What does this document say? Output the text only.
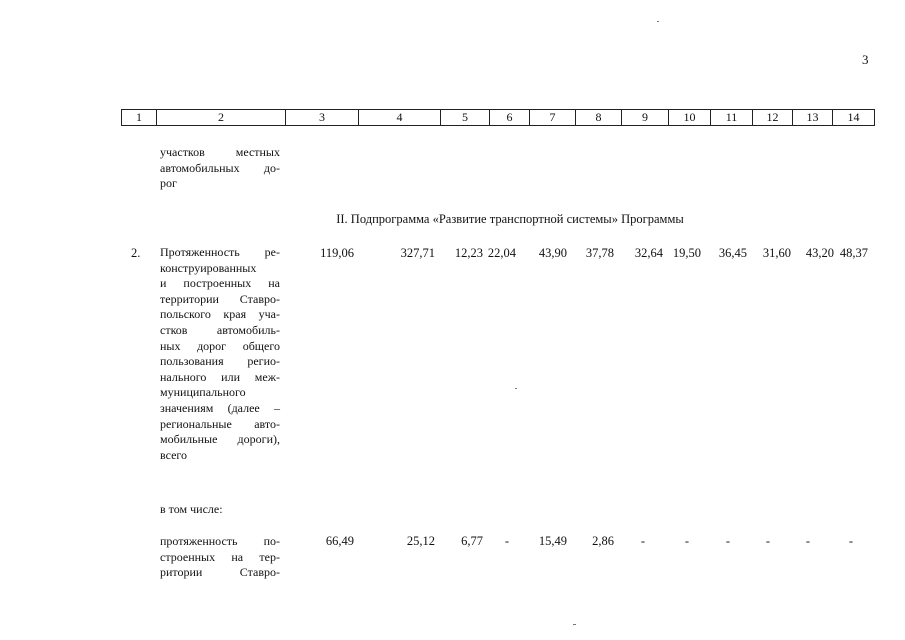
3
1	2	3	4	5	6	7	8	9	10	11	12	13	14
участков местных
автомобильных до-
рог
II. Подпрограмма «Развитие транспортной системы» Программы
2. Протяженность ре-
конструированных
и построенных на
территории Ставро-
польского края уча-
стков автомобиль-
ных дорог общего
пользования регио-
нального или меж-
муниципального
значениям (далее –
региональные авто-
мобильные дороги),
всего
119,06	327,71 12,23 22,04 43,90 37,78 32,64 19,50 36,45 31,60 43,20 48,37
в том числе:
протяженность по-
строенных на тер-
ритории Ставро-
66,49	25,12 6,77 - 15,49 2,86 -	-	-	-	-	-
